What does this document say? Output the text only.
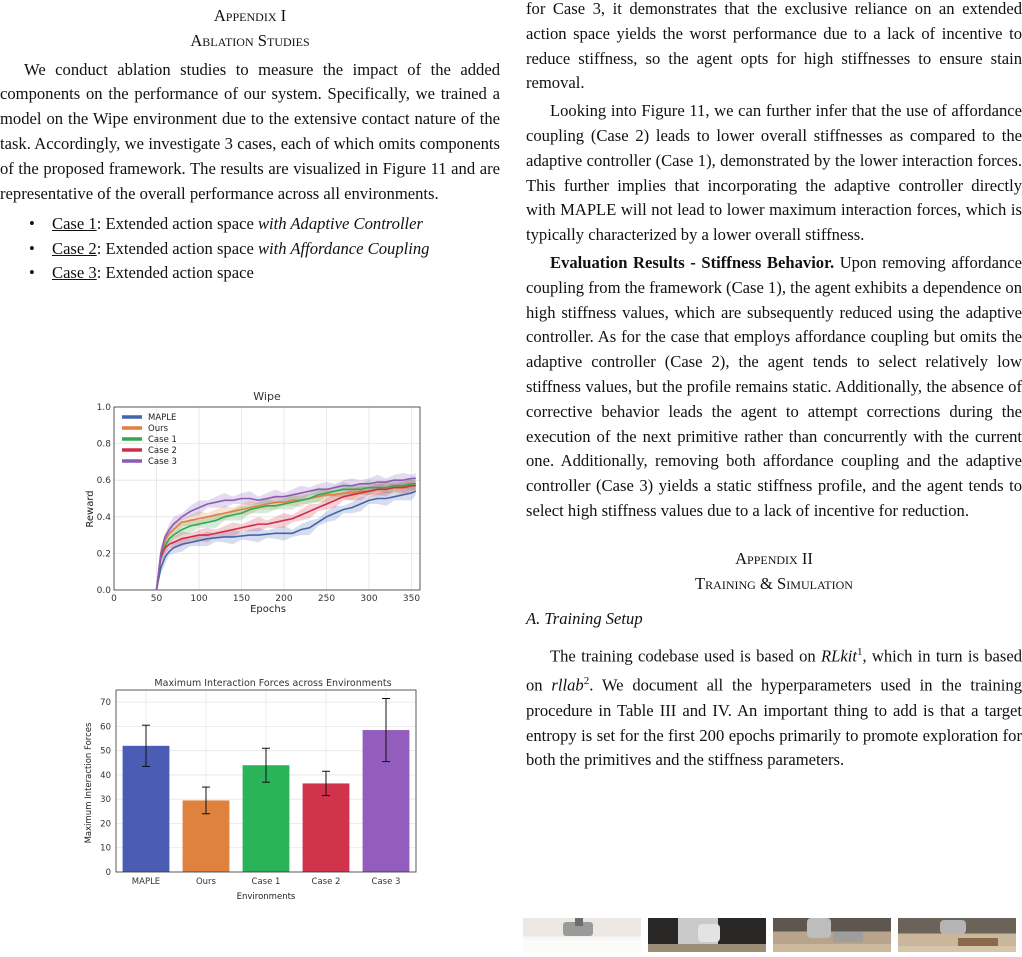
Appendix I

Ablation Studies

We conduct ablation studies to measure the impact of the added components on the performance of our system. Specifically, we trained a model on the Wipe environment due to the extensive contact nature of the task. Accordingly, we investigate 3 cases, each of which omits components of the proposed framework. The results are visualized in Figure 11 and are representative of the overall performance across all environments.

• Case 1: Extended action space with Adaptive Controller
• Case 2: Extended action space with Affordance Coupling
• Case 3: Extended action space
Wipe
0	50	100	150	200	250	300	350
0.0
0.2
0.4
0.6
0.8
1.0
MAPLE
Ours
Case 1
Case 2
Case 3
Reward
Epochs
Maximum Interaction Forces across Environments
0
10
20
30
40
50
60
70
MAPLE	Ours	Case 1	Case 2	Case 3
Maximum Interaction Forces
Environments

for Case 3, it demonstrates that the exclusive reliance on an extended action space yields the worst performance due to a lack of incentive to reduce stiffness, so the agent opts for high stiffnesses to ensure stain removal.

Looking into Figure 11, we can further infer that the use of affordance coupling (Case 2) leads to lower overall stiffnesses as compared to the adaptive controller (Case 1), demonstrated by the lower interaction forces. This further implies that incorporating the adaptive controller directly with MAPLE will not lead to lower maximum interaction forces, which is typically characterized by a lower overall stiffness.

Evaluation Results - Stiffness Behavior. Upon removing affordance coupling from the framework (Case 1), the agent exhibits a dependence on high stiffness values, which are subsequently reduced using the adaptive controller. As for the case that employs affordance coupling but omits the adaptive controller (Case 2), the agent tends to select relatively low stiffness values, but the profile remains static. Additionally, the absence of corrective behavior leads the agent to attempt corrections during the execution of the next primitive rather than concurrently with the current one. Additionally, removing both affordance coupling and the adaptive controller (Case 3) yields a static stiffness profile, and the agent tends to select high stiffness values due to a lack of incentive for reduction.

Appendix II

Training & Simulation

A. Training Setup

The training codebase used is based on RLkit$^1$, which in turn is based on rllab$^2$. We document all the hyperparameters used in the training procedure in Table III and IV. An important thing to add is that a target entropy is set for the first 200 epochs primarily to promote exploration for both the primitives and the stiffness parameters.
